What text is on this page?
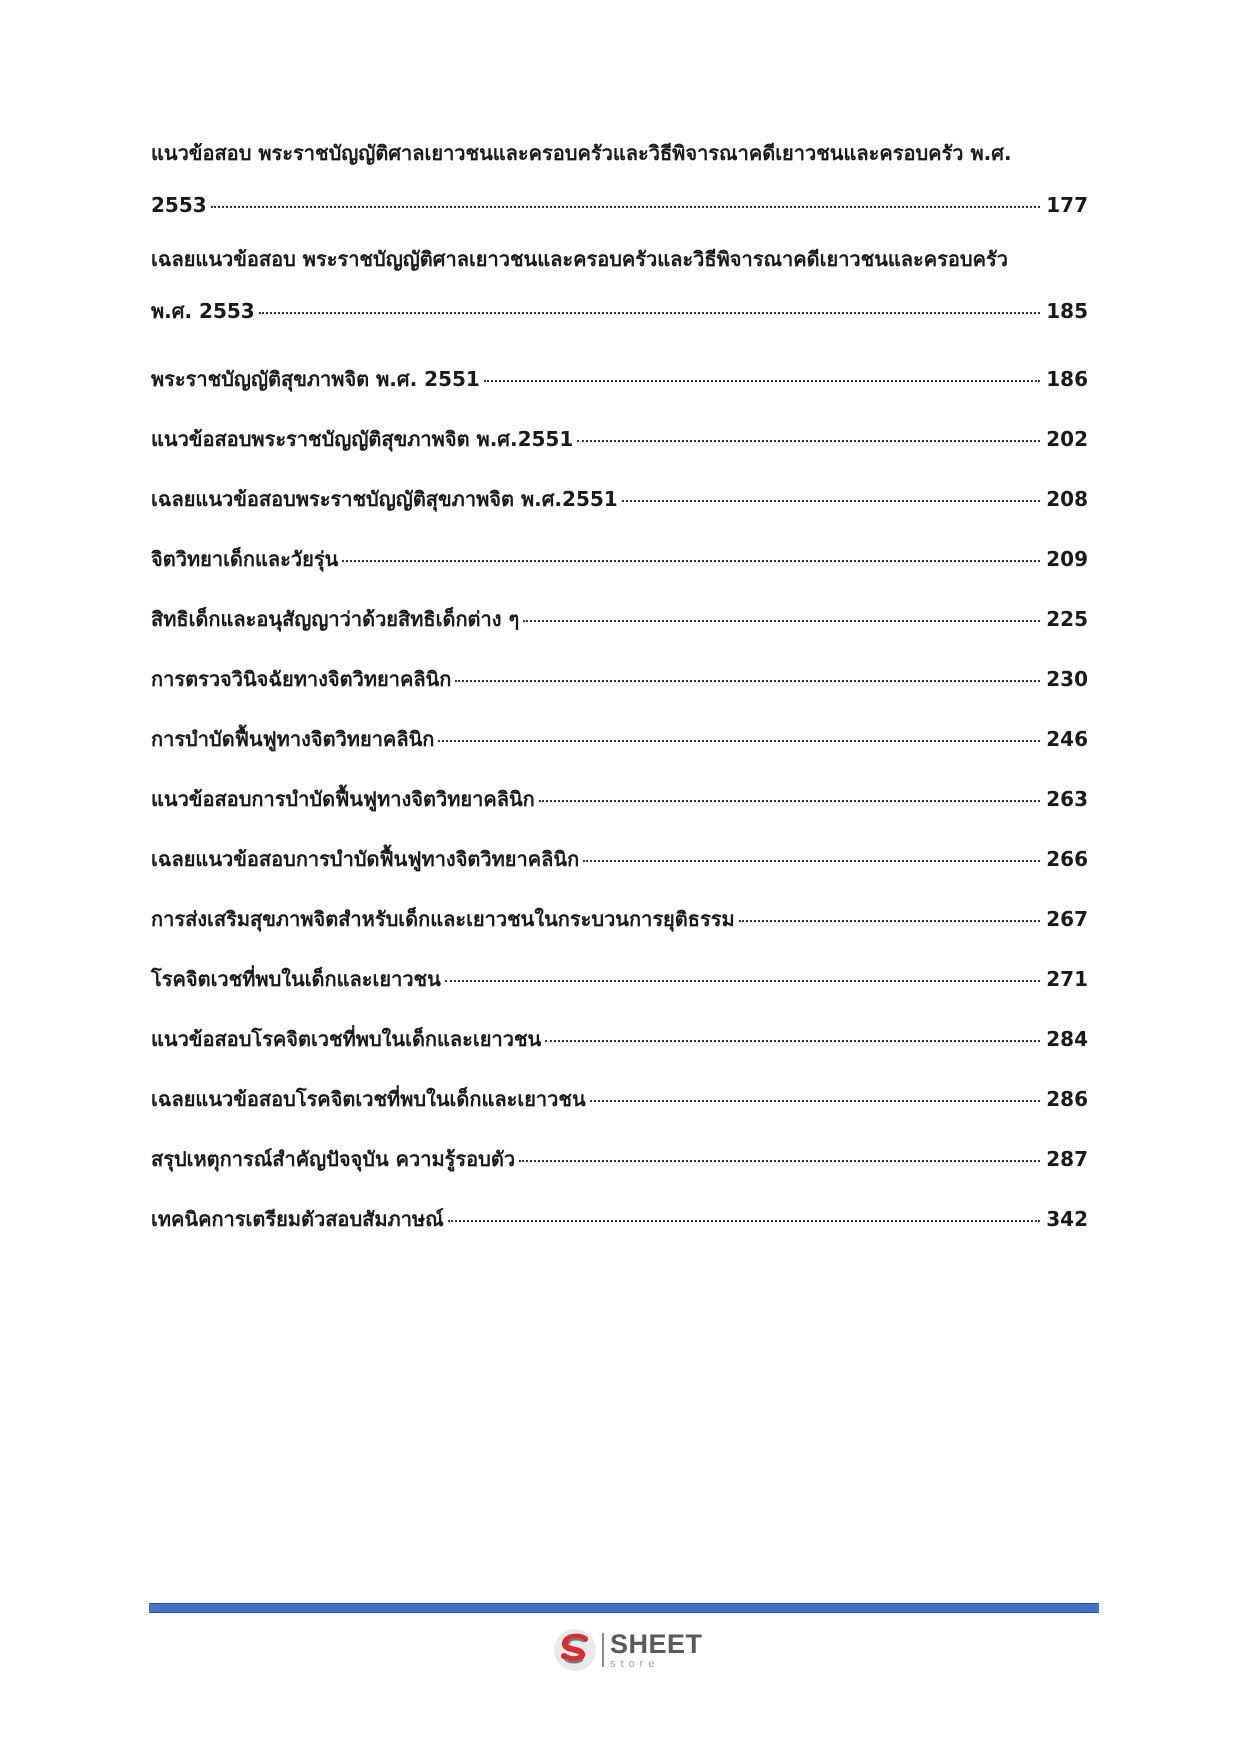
แนวข้อสอบ พระราชบัญญัติศาลเยาวชนและครอบครัวและวิธีพิจารณาคดีเยาวชนและครอบครัว พ.ศ.
2553	177
เฉลยแนวข้อสอบ พระราชบัญญัติศาลเยาวชนและครอบครัวและวิธีพิจารณาคดีเยาวชนและครอบครัว
พ.ศ. 2553	185
พระราชบัญญัติสุขภาพจิต พ.ศ. 2551	186
แนวข้อสอบพระราชบัญญัติสุขภาพจิต พ.ศ.2551	202
เฉลยแนวข้อสอบพระราชบัญญัติสุขภาพจิต พ.ศ.2551	208
จิตวิทยาเด็กและวัยรุ่น	209
สิทธิเด็กและอนุสัญญาว่าด้วยสิทธิเด็กต่าง ๆ	225
การตรวจวินิจฉัยทางจิตวิทยาคลินิก	230
การบำบัดฟื้นฟูทางจิตวิทยาคลินิก	246
แนวข้อสอบการบำบัดฟื้นฟูทางจิตวิทยาคลินิก	263
เฉลยแนวข้อสอบการบำบัดฟื้นฟูทางจิตวิทยาคลินิก	266
การส่งเสริมสุขภาพจิตสำหรับเด็กและเยาวชนในกระบวนการยุติธรรม	267
โรคจิตเวชที่พบในเด็กและเยาวชน	271
แนวข้อสอบโรคจิตเวชที่พบในเด็กและเยาวชน	284
เฉลยแนวข้อสอบโรคจิตเวชที่พบในเด็กและเยาวชน	286
สรุปเหตุการณ์สำคัญปัจจุบัน ความรู้รอบตัว	287
เทคนิคการเตรียมตัวสอบสัมภาษณ์	342
SHEET
store
